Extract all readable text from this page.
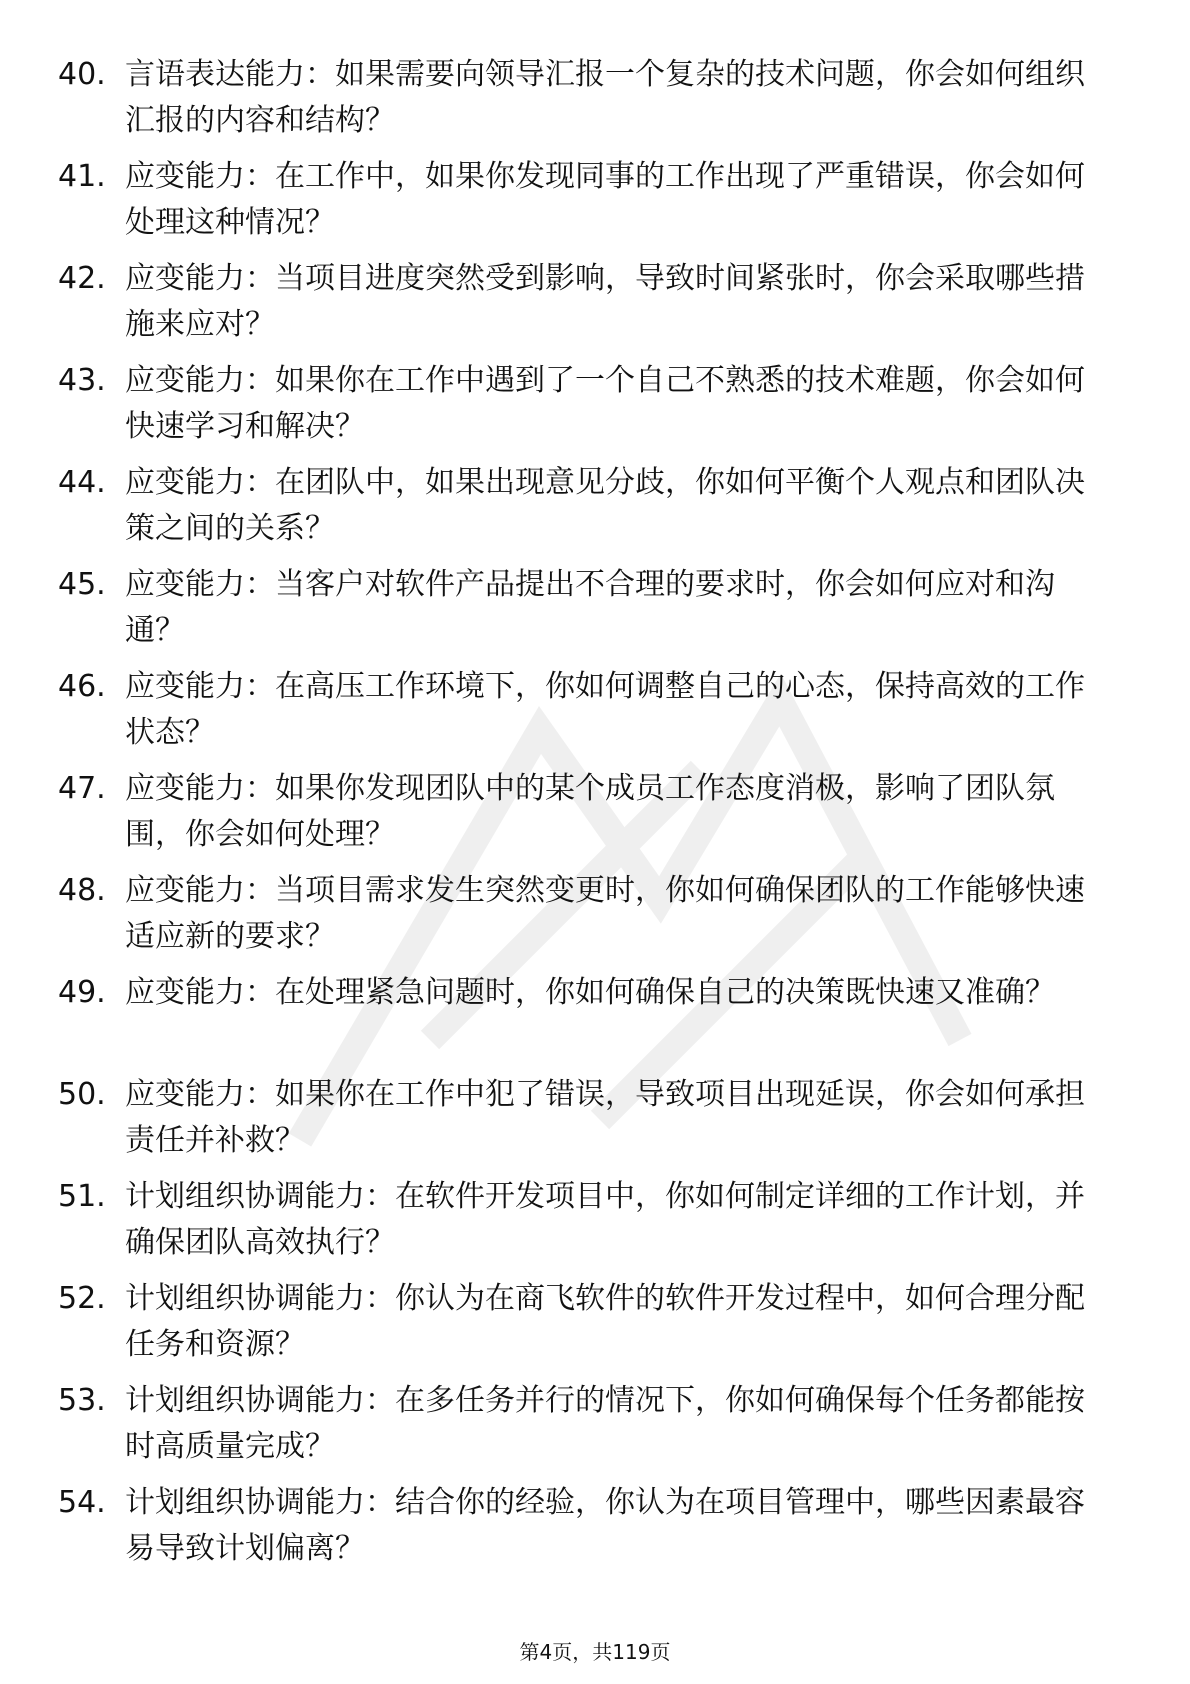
40. 言语表达能力：如果需要向领导汇报一个复杂的技术问题，你会如何组织汇报的内容和结构？
41. 应变能力：在工作中，如果你发现同事的工作出现了严重错误，你会如何处理这种情况？
42. 应变能力：当项目进度突然受到影响，导致时间紧张时，你会采取哪些措施来应对？
43. 应变能力：如果你在工作中遇到了一个自己不熟悉的技术难题，你会如何快速学习和解决？
44. 应变能力：在团队中，如果出现意见分歧，你如何平衡个人观点和团队决策之间的关系？
45. 应变能力：当客户对软件产品提出不合理的要求时，你会如何应对和沟通？
46. 应变能力：在高压工作环境下，你如何调整自己的心态，保持高效的工作状态？
47. 应变能力：如果你发现团队中的某个成员工作态度消极，影响了团队氛围，你会如何处理？
48. 应变能力：当项目需求发生突然变更时，你如何确保团队的工作能够快速适应新的要求？
49. 应变能力：在处理紧急问题时，你如何确保自己的决策既快速又准确？
50. 应变能力：如果你在工作中犯了错误，导致项目出现延误，你会如何承担责任并补救？
51. 计划组织协调能力：在软件开发项目中，你如何制定详细的工作计划，并确保团队高效执行？
52. 计划组织协调能力：你认为在商飞软件的软件开发过程中，如何合理分配任务和资源？
53. 计划组织协调能力：在多任务并行的情况下，你如何确保每个任务都能按时高质量完成？
54. 计划组织协调能力：结合你的经验，你认为在项目管理中，哪些因素最容易导致计划偏离？
第4页，共119页
